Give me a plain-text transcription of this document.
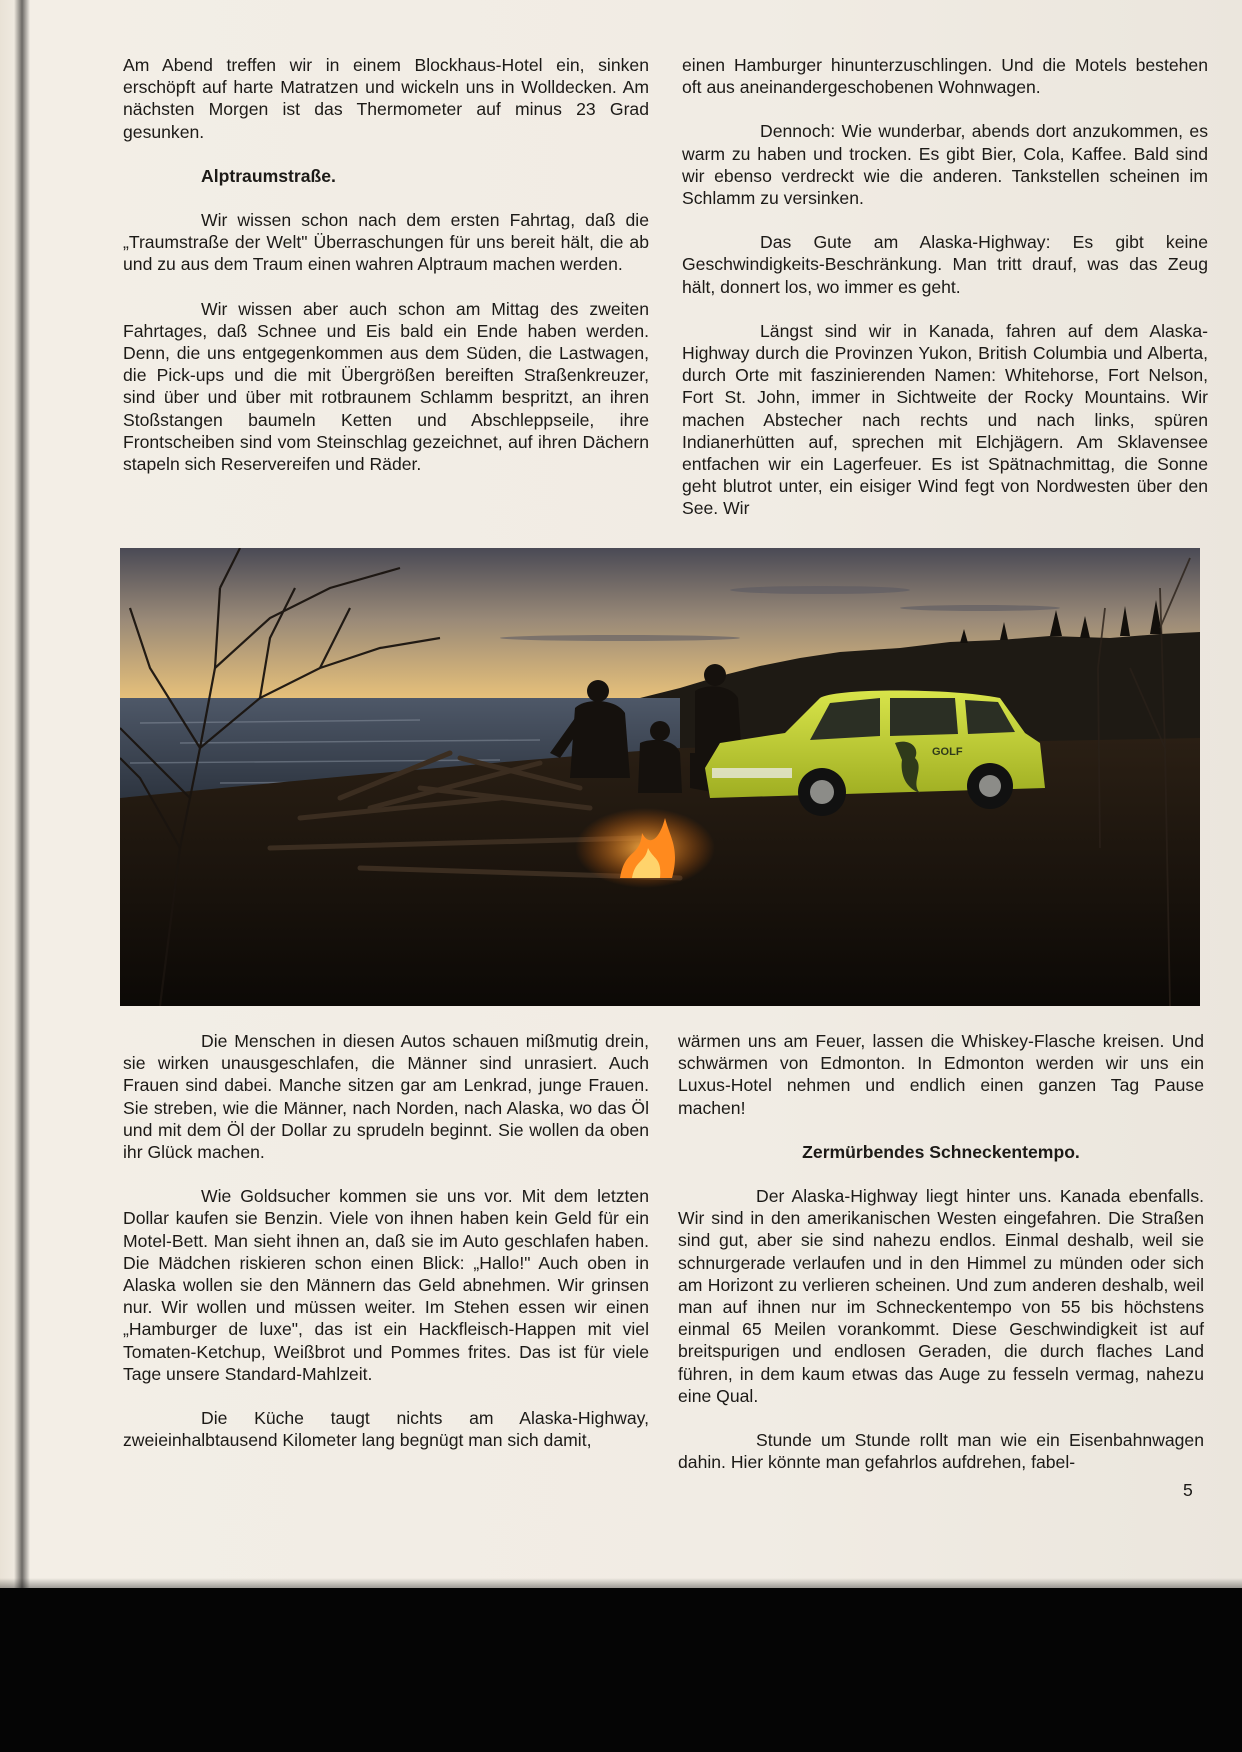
Am Abend treffen wir in einem Blockhaus-Hotel ein, sinken erschöpft auf harte Matratzen und wickeln uns in Wolldecken. Am nächsten Morgen ist das Thermometer auf minus 23 Grad gesunken.

Alptraumstraße.

Wir wissen schon nach dem ersten Fahrtag, daß die „Traumstraße der Welt" Überraschungen für uns bereit hält, die ab und zu aus dem Traum einen wahren Alptraum machen werden.

Wir wissen aber auch schon am Mittag des zweiten Fahrtages, daß Schnee und Eis bald ein Ende haben werden. Denn, die uns entgegenkommen aus dem Süden, die Lastwagen, die Pick-ups und die mit Übergrößen bereiften Straßenkreuzer, sind über und über mit rotbraunem Schlamm bespritzt, an ihren Stoßstangen baumeln Ketten und Abschleppseile, ihre Frontscheiben sind vom Steinschlag gezeichnet, auf ihren Dächern stapeln sich Reservereifen und Räder.

einen Hamburger hinunterzuschlingen. Und die Motels bestehen oft aus aneinandergeschobenen Wohnwagen.

Dennoch: Wie wunderbar, abends dort anzukommen, es warm zu haben und trocken. Es gibt Bier, Cola, Kaffee. Bald sind wir ebenso verdreckt wie die anderen. Tankstellen scheinen im Schlamm zu versinken.

Das Gute am Alaska-Highway: Es gibt keine Geschwindigkeits-Beschränkung. Man tritt drauf, was das Zeug hält, donnert los, wo immer es geht.

Längst sind wir in Kanada, fahren auf dem Alaska-Highway durch die Provinzen Yukon, British Columbia und Alberta, durch Orte mit faszinierenden Namen: Whitehorse, Fort Nelson, Fort St. John, immer in Sichtweite der Rocky Mountains. Wir machen Abstecher nach rechts und nach links, spüren Indianerhütten auf, sprechen mit Elchjägern. Am Sklavensee entfachen wir ein Lagerfeuer. Es ist Spätnachmittag, die Sonne geht blutrot unter, ein eisiger Wind fegt von Nordwesten über den See. Wir

GOLF

Die Menschen in diesen Autos schauen mißmutig drein, sie wirken unausgeschlafen, die Männer sind unrasiert. Auch Frauen sind dabei. Manche sitzen gar am Lenkrad, junge Frauen. Sie streben, wie die Männer, nach Norden, nach Alaska, wo das Öl und mit dem Öl der Dollar zu sprudeln beginnt. Sie wollen da oben ihr Glück machen.

Wie Goldsucher kommen sie uns vor. Mit dem letzten Dollar kaufen sie Benzin. Viele von ihnen haben kein Geld für ein Motel-Bett. Man sieht ihnen an, daß sie im Auto geschlafen haben. Die Mädchen riskieren schon einen Blick: „Hallo!" Auch oben in Alaska wollen sie den Männern das Geld abnehmen. Wir grinsen nur. Wir wollen und müssen weiter. Im Stehen essen wir einen „Hamburger de luxe", das ist ein Hackfleisch-Happen mit viel Tomaten-Ketchup, Weißbrot und Pommes frites. Das ist für viele Tage unsere Standard-Mahlzeit.

Die Küche taugt nichts am Alaska-Highway, zweieinhalbtausend Kilometer lang begnügt man sich damit,

wärmen uns am Feuer, lassen die Whiskey-Flasche kreisen. Und schwärmen von Edmonton. In Edmonton werden wir uns ein Luxus-Hotel nehmen und endlich einen ganzen Tag Pause machen!

Zermürbendes Schneckentempo.

Der Alaska-Highway liegt hinter uns. Kanada ebenfalls. Wir sind in den amerikanischen Westen eingefahren. Die Straßen sind gut, aber sie sind nahezu endlos. Einmal deshalb, weil sie schnurgerade verlaufen und in den Himmel zu münden oder sich am Horizont zu verlieren scheinen. Und zum anderen deshalb, weil man auf ihnen nur im Schneckentempo von 55 bis höchstens einmal 65 Meilen vorankommt. Diese Geschwindigkeit ist auf breitspurigen und endlosen Geraden, die durch flaches Land führen, in dem kaum etwas das Auge zu fesseln vermag, nahezu eine Qual.

Stunde um Stunde rollt man wie ein Eisenbahnwagen dahin. Hier könnte man gefahrlos aufdrehen, fabel-

5
